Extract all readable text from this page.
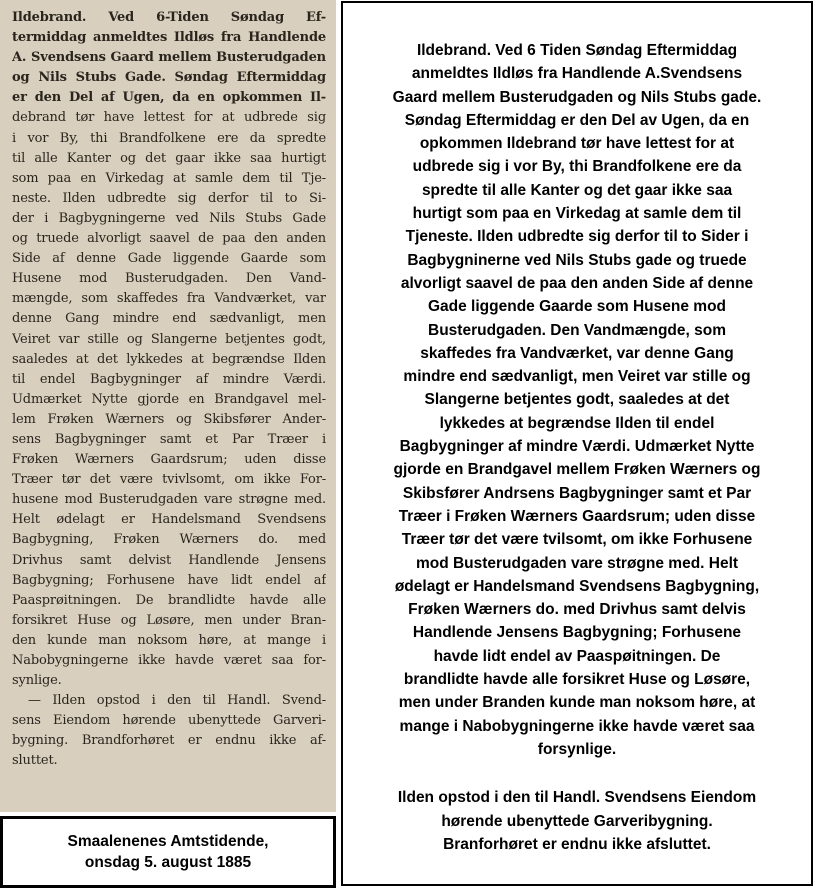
Ildebrand. Ved 6-Tiden Søndag Ef-
termiddag anmeldtes Ildløs fra Handlende
A. Svendsens Gaard mellem Busterudgaden
og Nils Stubs Gade. Søndag Eftermiddag
er den Del af Ugen, da en opkommen Il-
debrand tør have lettest for at udbrede sig
i vor By, thi Brandfolkene ere da spredte
til alle Kanter og det gaar ikke saa hurtigt
som paa en Virkedag at samle dem til Tje-
neste. Ilden udbredte sig derfor til to Si-
der i Bagbygningerne ved Nils Stubs Gade
og truede alvorligt saavel de paa den anden
Side af denne Gade liggende Gaarde som
Husene mod Busterudgaden. Den Vand-
mængde, som skaffedes fra Vandværket, var
denne Gang mindre end sædvanligt, men
Veiret var stille og Slangerne betjentes godt,
saaledes at det lykkedes at begrændse Ilden
til endel Bagbygninger af mindre Værdi.
Udmærket Nytte gjorde en Brandgavel mel-
lem Frøken Wærners og Skibsfører Ander-
sens Bagbygninger samt et Par Træer i
Frøken Wærners Gaardsrum; uden disse
Træer tør det være tvivlsomt, om ikke For-
husene mod Busterudgaden vare strøgne med.
Helt ødelagt er Handelsmand Svendsens
Bagbygning, Frøken Wærners do. med
Drivhus samt delvist Handlende Jensens
Bagbygning; Forhusene have lidt endel af
Paasprøitningen. De brandlidte havde alle
forsikret Huse og Løsøre, men under Bran-
den kunde man noksom høre, at mange i
Nabobygningerne ikke havde været saa for-
synlige.
— Ilden opstod i den til Handl. Svend-
sens Eiendom hørende ubenyttede Garveri-
bygning. Brandforhøret er endnu ikke af-
sluttet.
Smaalenenes Amtstidende,
onsdag 5. august 1885
Ildebrand. Ved 6 Tiden Søndag Eftermiddag
anmeldtes Ildløs fra Handlende A.Svendsens
Gaard mellem Busterudgaden og Nils Stubs gade.
Søndag Eftermiddag er den Del av Ugen, da en
opkommen Ildebrand tør have lettest for at
udbrede sig i vor By, thi Brandfolkene ere da
spredte til alle Kanter og det gaar ikke saa
hurtigt som paa en Virkedag at samle dem til
Tjeneste. Ilden udbredte sig derfor til to Sider i
Bagbygninerne ved Nils Stubs gade og truede
alvorligt saavel de paa den anden Side af denne
Gade liggende Gaarde som Husene mod
Busterudgaden. Den Vandmængde, som
skaffedes fra Vandværket, var denne Gang
mindre end sædvanligt, men Veiret var stille og
Slangerne betjentes godt, saaledes at det
lykkedes at begrændse Ilden til endel
Bagbygninger af mindre Værdi. Udmærket Nytte
gjorde en Brandgavel mellem Frøken Wærners og
Skibsfører Andrsens Bagbygninger samt et Par
Træer i Frøken Wærners Gaardsrum; uden disse
Træer tør det være tvilsomt, om ikke Forhusene
mod Busterudgaden vare strøgne med. Helt
ødelagt er Handelsmand Svendsens Bagbygning,
Frøken Wærners do. med Drivhus samt delvis
Handlende Jensens Bagbygning; Forhusene
havde lidt endel av Paaspøitningen. De
brandlidte havde alle forsikret Huse og Løsøre,
men under Branden kunde man noksom høre, at
mange i Nabobygningerne ikke havde været saa
forsynlige.
Ilden opstod i den til Handl. Svendsens Eiendom
hørende ubenyttede Garveribygning.
Branforhøret er endnu ikke afsluttet.
